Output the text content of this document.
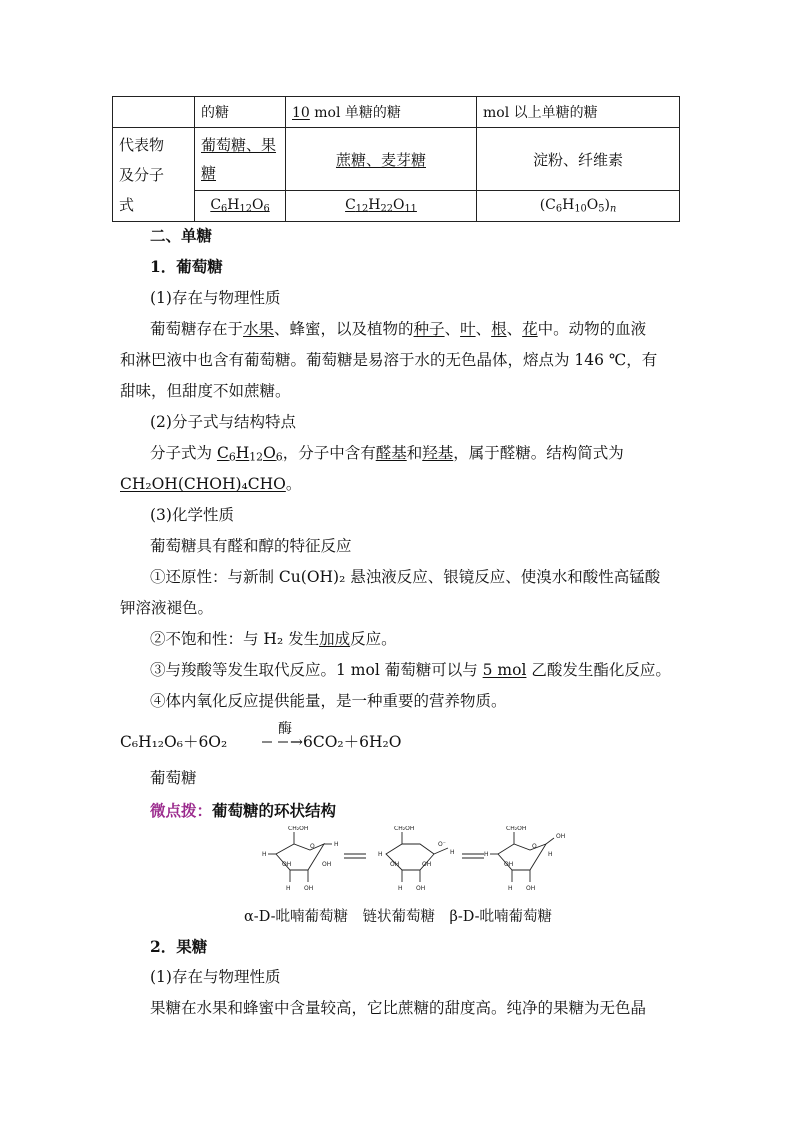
	的糖	10 mol 单糖的糖	mol 以上单糖的糖

代表物
及分子
式	葡萄糖、果糖	蔗糖、麦芽糖	淀粉、纤维素
	$C_6H_{12}O_6$	$C_{12}H_{22}O_{11}$	$(C_6H_{10}O_5)_n$
二、单糖
1．葡萄糖
(1)存在与物理性质
葡萄糖存在于水果、蜂蜜，以及植物的种子、叶、根、花中。动物的血液
和淋巴液中也含有葡萄糖。葡萄糖是易溶于水的无色晶体，熔点为 146 ℃，有
甜味，但甜度不如蔗糖。
(2)分子式与结构特点
分子式为 $C_6H_{12}O_6$，分子中含有醛基和羟基，属于醛糖。结构简式为
CH₂OH(CHOH)₄CHO。
(3)化学性质
葡萄糖具有醛和醇的特征反应
①还原性：与新制 Cu(OH)₂ 悬浊液反应、银镜反应、使溴水和酸性高锰酸
钾溶液褪色。
②不饱和性：与 H₂ 发生加成反应。
③与羧酸等发生取代反应。1 mol 葡萄糖可以与 5 mol 乙酸发生酯化反应。
④体内氧化反应提供能量，是一种重要的营养物质。
C₆H₁₂O₆＋6O₂
酶
→6CO₂＋6H₂O
葡萄糖
微点拨：葡萄糖的环状结构
2．果糖
(1)存在与物理性质
果糖在水果和蜂蜜中含量较高，它比蔗糖的甜度高。纯净的果糖为无色晶
CH₂OH
O
H
H
OH
H OH
OH
CH₂OH
O⁻
H
H
H OH
OH	OH
CH₂OH
O
H
OH
OH
H OH
H
α-D-吡喃葡萄糖　链状葡萄糖　β-D-吡喃葡萄糖
